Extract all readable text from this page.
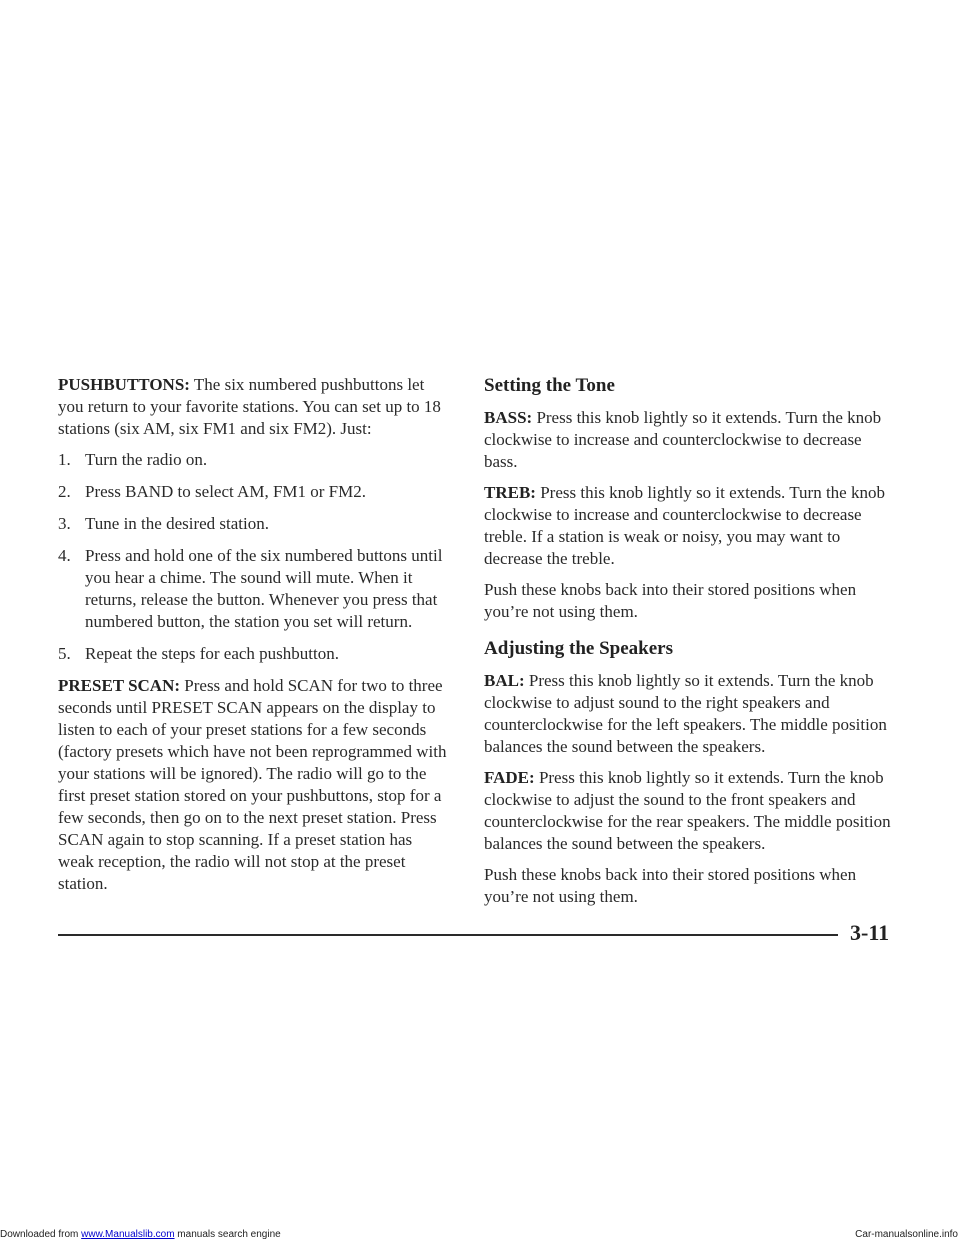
PUSHBUTTONS: The six numbered pushbuttons let you return to your favorite stations. You can set up to 18 stations (six AM, six FM1 and six FM2). Just:

1. Turn the radio on.
2. Press BAND to select AM, FM1 or FM2.
3. Tune in the desired station.
4. Press and hold one of the six numbered buttons until you hear a chime. The sound will mute. When it returns, release the button. Whenever you press that numbered button, the station you set will return.
5. Repeat the steps for each pushbutton.

PRESET SCAN: Press and hold SCAN for two to three seconds until PRESET SCAN appears on the display to listen to each of your preset stations for a few seconds (factory presets which have not been reprogrammed with your stations will be ignored). The radio will go to the first preset station stored on your pushbuttons, stop for a few seconds, then go on to the next preset station. Press SCAN again to stop scanning. If a preset station has weak reception, the radio will not stop at the preset station.

Setting the Tone

BASS: Press this knob lightly so it extends. Turn the knob clockwise to increase and counterclockwise to decrease bass.

TREB: Press this knob lightly so it extends. Turn the knob clockwise to increase and counterclockwise to decrease treble. If a station is weak or noisy, you may want to decrease the treble.

Push these knobs back into their stored positions when you’re not using them.

Adjusting the Speakers

BAL: Press this knob lightly so it extends. Turn the knob clockwise to adjust sound to the right speakers and counterclockwise for the left speakers. The middle position balances the sound between the speakers.

FADE: Press this knob lightly so it extends. Turn the knob clockwise to adjust the sound to the front speakers and counterclockwise for the rear speakers. The middle position balances the sound between the speakers.

Push these knobs back into their stored positions when you’re not using them.

3-11
Downloaded from www.Manualslib.com manuals search engine	Car-manualsonline.info
